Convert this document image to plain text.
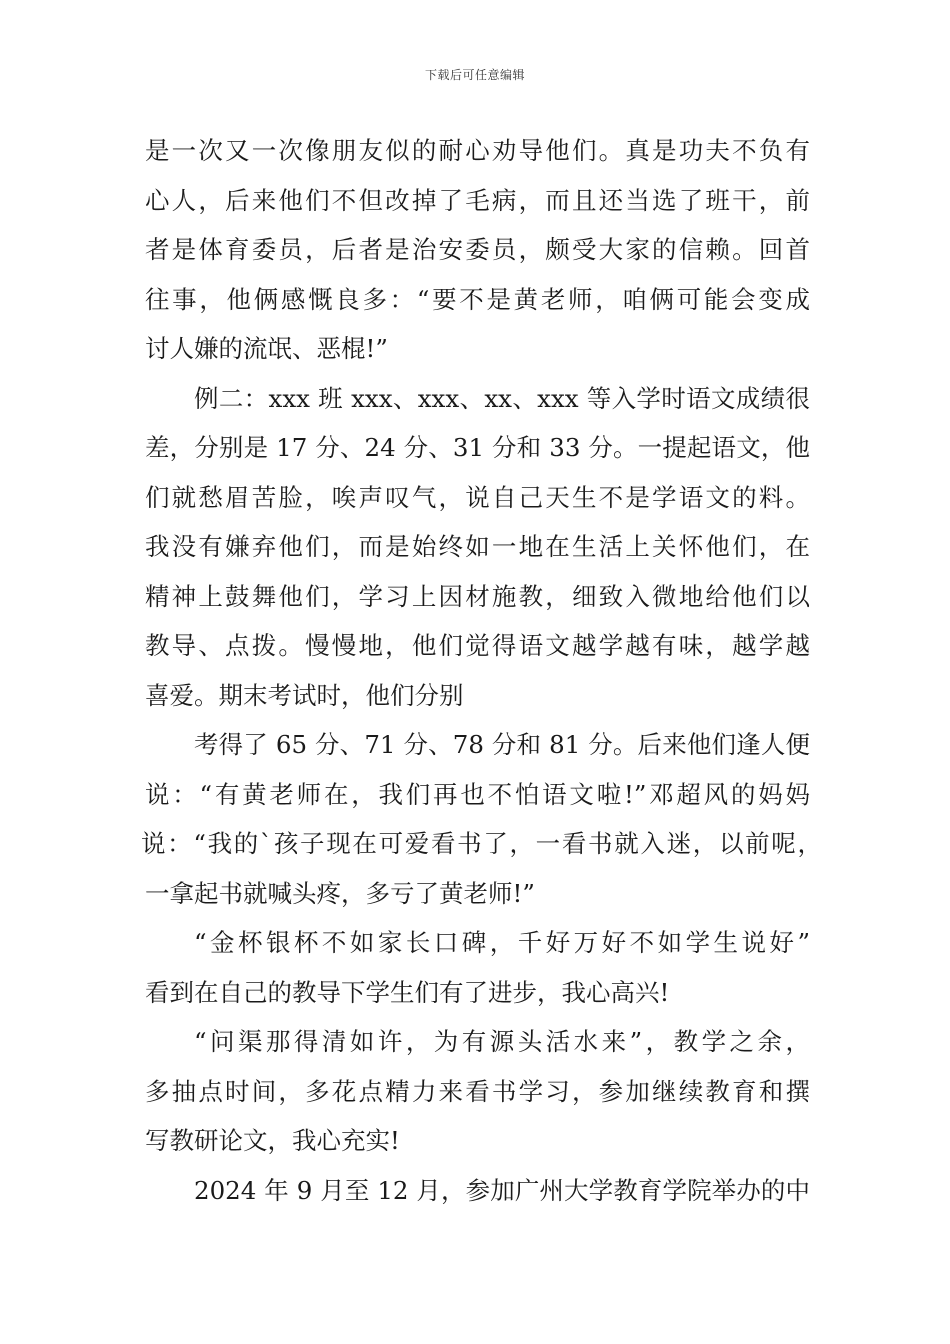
下载后可任意编辑
是一次又一次像朋友似的耐心劝导他们。真是功夫不负有
心人，后来他们不但改掉了毛病，而且还当选了班干，前
者是体育委员，后者是治安委员，颇受大家的信赖。回首
往事，他俩感慨良多：“要不是黄老师，咱俩可能会变成
讨人嫌的流氓、恶棍!”
例二：xxx 班 xxx、xxx、xx、xxx 等入学时语文成绩很
差，分别是 17 分、24 分、31 分和 33 分。一提起语文，他
们就愁眉苦脸，唉声叹气，说自己天生不是学语文的料。
我没有嫌弃他们，而是始终如一地在生活上关怀他们，在
精神上鼓舞他们，学习上因材施教，细致入微地给他们以
教导、点拨。慢慢地，他们觉得语文越学越有味，越学越
喜爱。期末考试时，他们分别
考得了 65 分、71 分、78 分和 81 分。后来他们逢人便
说：“有黄老师在，我们再也不怕语文啦!”邓超风的妈妈
说：“我的`孩子现在可爱看书了，一看书就入迷，以前呢，
一拿起书就喊头疼，多亏了黄老师!”
“金杯银杯不如家长口碑，千好万好不如学生说好”
看到在自己的教导下学生们有了进步，我心高兴!
“问渠那得清如许，为有源头活水来”，教学之余，
多抽点时间，多花点精力来看书学习，参加继续教育和撰
写教研论文，我心充实!
2024 年 9 月至 12 月，参加广州大学教育学院举办的中
